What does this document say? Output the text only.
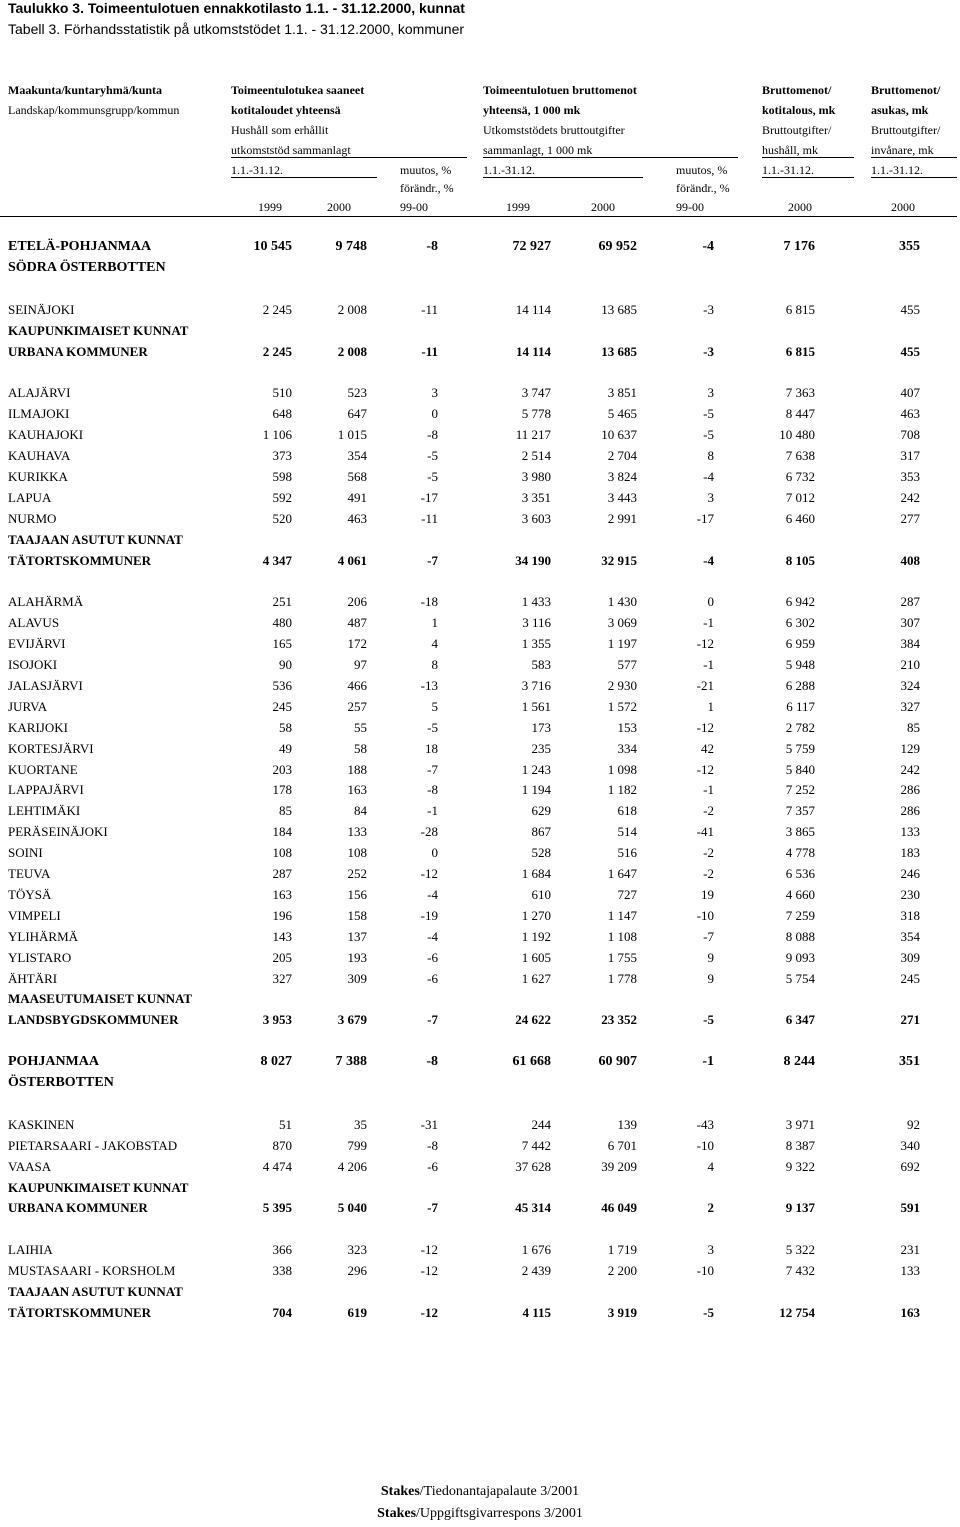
Taulukko 3. Toimeentulotuen ennakkotilasto 1.1. - 31.12.2000, kunnat
Tabell 3. Förhandsstatistik på utkomststödet 1.1. - 31.12.2000, kommuner
Maakunta/kuntaryhmä/kunta
Landskap/kommunsgrupp/kommun
Toimeentulotukea saaneet
kotitaloudet yhteensä
Hushåll som erhållit
utkomststöd sammanlagt
Toimeentulotuen bruttomenot
yhteensä, 1 000 mk
Utkomststödets bruttoutgifter
sammanlagt, 1 000 mk
Bruttomenot/
kotitalous, mk
Bruttoutgifter/
hushåll, mk
Bruttomenot/
asukas, mk
Bruttoutgifter/
invånare, mk
1.1.-31.12.	muutos, %	1.1.-31.12.	muutos, %	1.1.-31.12.	1.1.-31.12.
förändr., %	förändr., %
1999	2000	99-00	1999	2000	99-00	2000	2000
ETELÄ-POHJANMAA	10 545	9 748	-8	72 927	69 952	-4	7 176	355
SÖDRA ÖSTERBOTTEN
SEINÄJOKI	2 245	2 008	-11	14 114	13 685	-3	6 815	455
KAUPUNKIMAISET KUNNAT
URBANA KOMMUNER	2 245	2 008	-11	14 114	13 685	-3	6 815	455
ALAJÄRVI	510	523	3	3 747	3 851	3	7 363	407
ILMAJOKI	648	647	0	5 778	5 465	-5	8 447	463
KAUHAJOKI	1 106	1 015	-8	11 217	10 637	-5	10 480	708
KAUHAVA	373	354	-5	2 514	2 704	8	7 638	317
KURIKKA	598	568	-5	3 980	3 824	-4	6 732	353
LAPUA	592	491	-17	3 351	3 443	3	7 012	242
NURMO	520	463	-11	3 603	2 991	-17	6 460	277
TAAJAAN ASUTUT KUNNAT
TÄTORTSKOMMUNER	4 347	4 061	-7	34 190	32 915	-4	8 105	408
ALAHÄRMÄ	251	206	-18	1 433	1 430	0	6 942	287
ALAVUS	480	487	1	3 116	3 069	-1	6 302	307
EVIJÄRVI	165	172	4	1 355	1 197	-12	6 959	384
ISOJOKI	90	97	8	583	577	-1	5 948	210
JALASJÄRVI	536	466	-13	3 716	2 930	-21	6 288	324
JURVA	245	257	5	1 561	1 572	1	6 117	327
KARIJOKI	58	55	-5	173	153	-12	2 782	85
KORTESJÄRVI	49	58	18	235	334	42	5 759	129
KUORTANE	203	188	-7	1 243	1 098	-12	5 840	242
LAPPAJÄRVI	178	163	-8	1 194	1 182	-1	7 252	286
LEHTIMÄKI	85	84	-1	629	618	-2	7 357	286
PERÄSEINÄJOKI	184	133	-28	867	514	-41	3 865	133
SOINI	108	108	0	528	516	-2	4 778	183
TEUVA	287	252	-12	1 684	1 647	-2	6 536	246
TÖYSÄ	163	156	-4	610	727	19	4 660	230
VIMPELI	196	158	-19	1 270	1 147	-10	7 259	318
YLIHÄRMÄ	143	137	-4	1 192	1 108	-7	8 088	354
YLISTARO	205	193	-6	1 605	1 755	9	9 093	309
ÄHTÄRI	327	309	-6	1 627	1 778	9	5 754	245
MAASEUTUMAISET KUNNAT
LANDSBYGDSKOMMUNER	3 953	3 679	-7	24 622	23 352	-5	6 347	271
POHJANMAA	8 027	7 388	-8	61 668	60 907	-1	8 244	351
ÖSTERBOTTEN
KASKINEN	51	35	-31	244	139	-43	3 971	92
PIETARSAARI - JAKOBSTAD	870	799	-8	7 442	6 701	-10	8 387	340
VAASA	4 474	4 206	-6	37 628	39 209	4	9 322	692
KAUPUNKIMAISET KUNNAT
URBANA KOMMUNER	5 395	5 040	-7	45 314	46 049	2	9 137	591
LAIHIA	366	323	-12	1 676	1 719	3	5 322	231
MUSTASAARI - KORSHOLM	338	296	-12	2 439	2 200	-10	7 432	133
TAAJAAN ASUTUT KUNNAT
TÄTORTSKOMMUNER	704	619	-12	4 115	3 919	-5	12 754	163
Stakes/Tiedonantajapalaute 3/2001
Stakes/Uppgiftsgivarrespons 3/2001
